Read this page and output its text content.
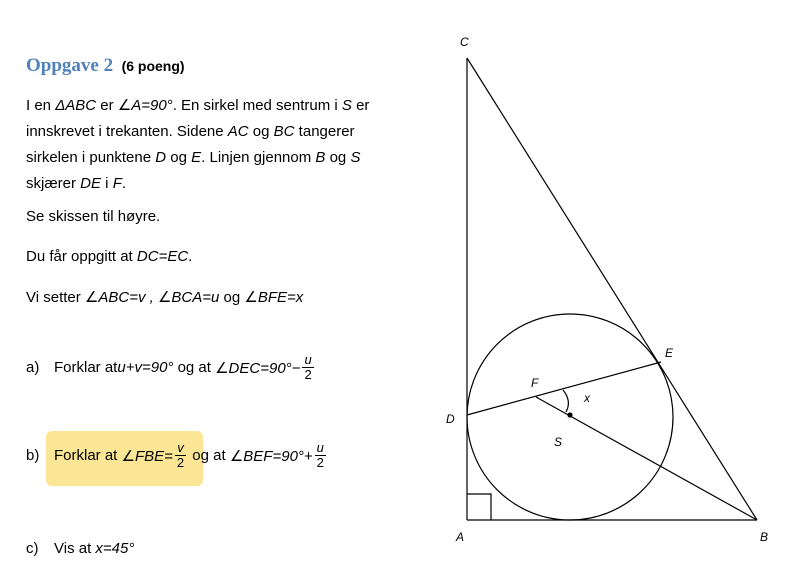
Oppgave 2 (6 poeng)
I en ΔABC er ∠A=90°. En sirkel med sentrum i S er innskrevet i trekanten. Sidene AC og BC tangerer sirkelen i punktene D og E. Linjen gjennom B og S skjærer DE i F.
Se skissen til høyre.
Du får oppgitt at DC=EC.
Vi setter ∠ABC=v , ∠BCA=u og ∠BFE=x
a) Forklar at u+v=90° og at ∠DEC=90°− $\frac{u}{2}$
b) Forklar at ∠FBE= $\frac{v}{2}$ og at ∠BEF=90°+ $\frac{u}{2}$
c)	Vis at x=45°
C
E
F
x
D
S
A	B
